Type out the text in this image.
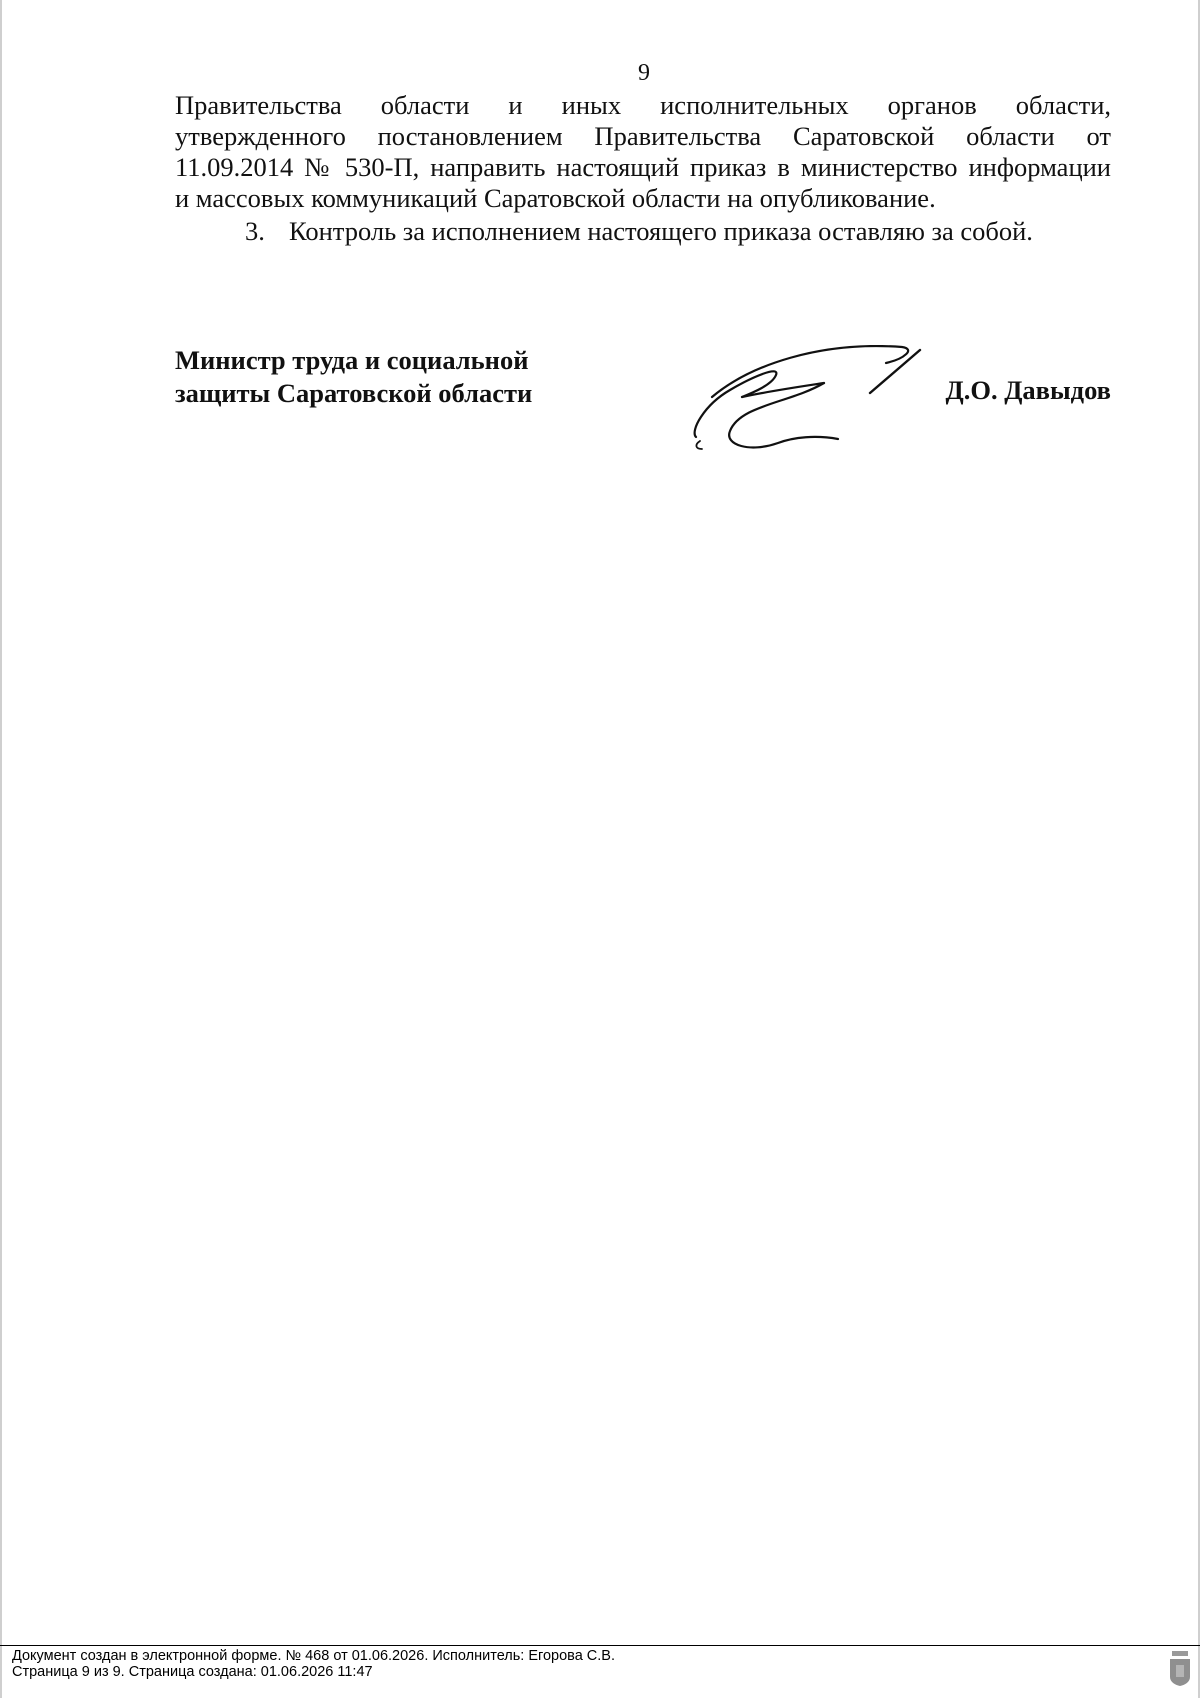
9
Правительства области и иных исполнительных органов области,
утвержденного постановлением Правительства Саратовской области от
11.09.2014 № 530-П, направить настоящий приказ в министерство информации
и массовых коммуникаций Саратовской области на опубликование.
3. Контроль за исполнением настоящего приказа оставляю за собой.
Министр труда и социальной
защиты Саратовской области	Д.О. Давыдов
Документ создан в электронной форме. № 468 от 01.06.2026. Исполнитель: Егорова С.В.
Страница 9 из 9. Страница создана: 01.06.2026 11:47
